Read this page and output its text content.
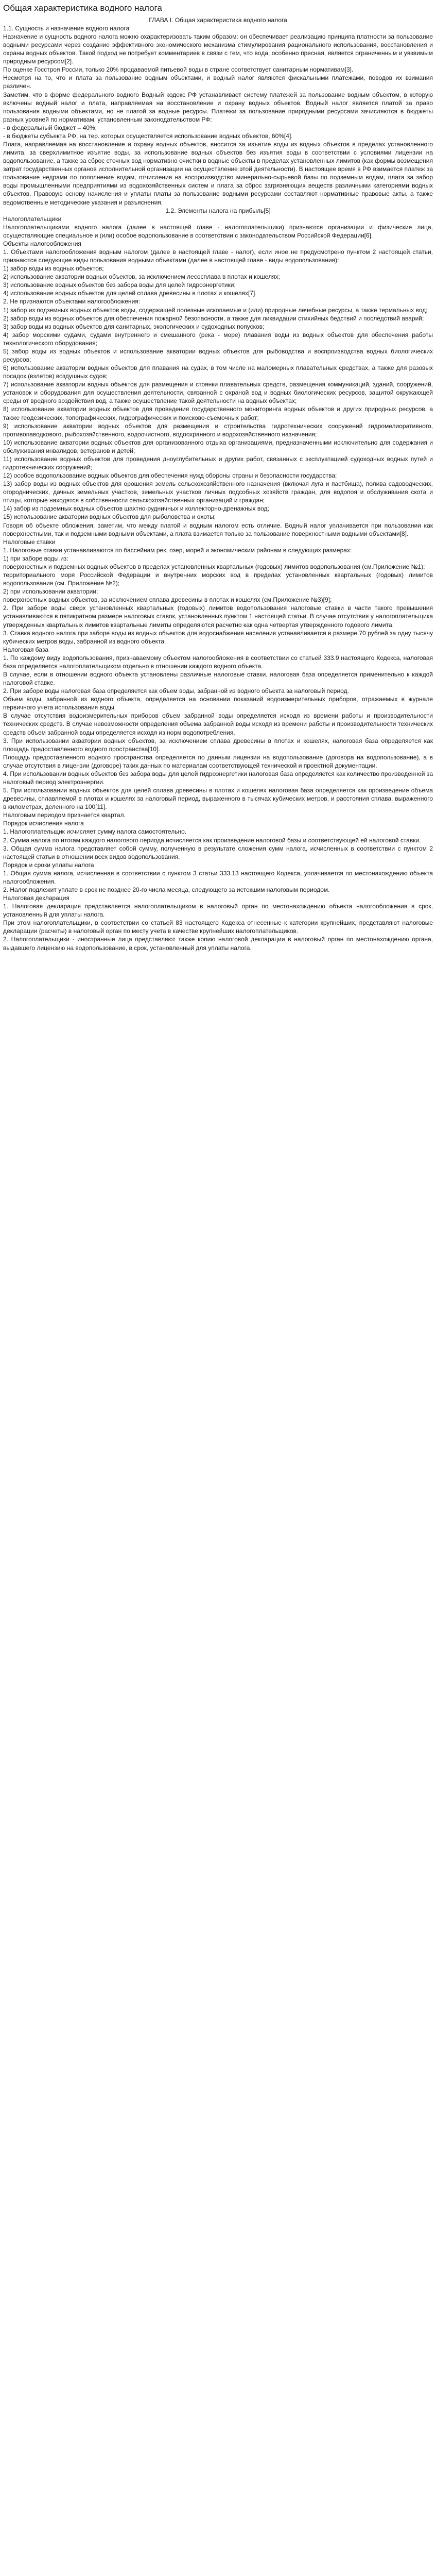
Общая характеристика водного налога

ГЛАВА I. Общая характеристика водного налога

1.1. Сущность и назначение водного налога

Назначение и сущность водного налога можно охарактеризовать таким образом: он обеспечивает реализацию принципа платности за пользование водными ресурсами через создание эффективного экономического механизма стимулирования рационального использования, восстановления и охраны водных объектов. Такой подход не потребует комментариев в связи с тем, что вода, особенно пресная, является ограниченным и уязвимым природным ресурсом[2].

По оценке Госстроя России, только 20% продаваемой питьевой воды в стране соответствует санитарным нормативам[3].

Несмотря на то, что и плата за пользование водным объектами, и водный налог являются фискальными платежами, поводов их взимания различен.

Заметим, что в форме федерального водного Водный кодекс РФ устанавливает систему платежей за пользование водным объектом, в которую включены водный налог и плата, направляемая на восстановление и охрану водных объектов. Водный налог является платой за право пользования водными объектами, но не платой за водные ресурсы. Платежи за пользование природными ресурсами зачисляются в бюджеты разных уровней по нормативам, установленным законодательством РФ:

- в федеральный бюджет – 40%;

- в бюджеты субъекта РФ, на тер. которых осуществляется использование водных объектов, 60%[4].

Плата, направляемая на восстановление и охрану водных объектов, вносится за изъятие воды из водных объектов в пределах установленного лимита, за сверхлимитное изъятие воды, за использование водных объектов без изъятия воды в соответствии с условиями лицензии на водопользование, а также за сброс сточных вод нормативно очистки в водные объекты в пределах установленных лимитов (как формы возмещения затрат государственных органов исполнительной организации на осуществление этой деятельности). В настоящее время в РФ взимается платеж за пользование недрами по пополнение водам, отчисления на воспроизводство минерально-сырьевой базы по подземным водам, плата за забор воды промышленными предприятиями из водохозяйственных систем и плата за сброс загрязняющих веществ различными категориями водных объектов. Правовую основу начисления и уплаты платы за пользование водными ресурсами составляют нормативные правовые акты, а также ведомственные методические указания и разъяснения.

1.2. Элементы налога на прибыль[5]

Налогоплательщики

Налогоплательщиками водного налога (далее в настоящей главе - налогоплательщики) признаются организации и физические лица, осуществляющие специальное и (или) особое водопользование в соответствии с законодательством Российской Федерации[6].

Объекты налогообложения

1. Объектами налогообложения водным налогом (далее в настоящей главе - налог), если иное не предусмотрено пунктом 2 настоящей статьи, признаются следующие виды пользования водными объектами (далее в настоящей главе - виды водопользования):

1) забор воды из водных объектов;

2) использование акватории водных объектов, за исключением лесосплава в плотах и кошелях;

3) использование водных объектов без забора воды для целей гидроэнергетики;

4) использование водных объектов для целей сплава древесины в плотах и кошелях[7].

2. Не признаются объектами налогообложения:

1) забор из подземных водных объектов воды, содержащей полезные ископаемые и (или) природные лечебные ресурсы, а также термальных вод;

2) забор воды из водных объектов для обеспечения пожарной безопасности, а также для ликвидации стихийных бедствий и последствий аварий;

3) забор воды из водных объектов для санитарных, экологических и судоходных попусков;

4) забор морскими судами, судами внутреннего и смешанного (река - море) плавания воды из водных объектов для обеспечения работы технологического оборудования;

5) забор воды из водных объектов и использование акватории водных объектов для рыбоводства и воспроизводства водных биологических ресурсов;

6) использование акватории водных объектов для плавания на судах, в том числе на маломерных плавательных средствах, а также для разовых посадок (взлетов) воздушных судов;

7) использование акватории водных объектов для размещения и стоянки плавательных средств, размещения коммуникаций, зданий, сооружений, установок и оборудования для осуществления деятельности, связанной с охраной вод и водных биологических ресурсов, защитой окружающей среды от вредного воздействия вод, а также осуществление такой деятельности на водных объектах;

8) использование акватории водных объектов для проведения государственного мониторинга водных объектов и других природных ресурсов, а также геодезических, топографических, гидрографических и поисково-съемочных работ;

9) использование акватории водных объектов для размещения и строительства гидротехнических сооружений гидромелиоративного, противопаводкового, рыбохозяйственного, водоочистного, водоохранного и водохозяйственного назначения;

10) использование акватории водных объектов для организованного отдыха организациями, предназначенными исключительно для содержания и обслуживания инвалидов, ветеранов и детей;

11) использование водных объектов для проведения дноуглубительных и других работ, связанных с эксплуатацией судоходных водных путей и гидротехнических сооружений;

12) особое водопользование водных объектов для обеспечения нужд обороны страны и безопасности государства;

13) забор воды из водных объектов для орошения земель сельскохозяйственного назначения (включая луга и пастбища), полива садоводческих, огороднических, дачных земельных участков, земельных участков личных подсобных хозяйств граждан, для водопоя и обслуживания скота и птицы, которые находятся в собственности сельскохозяйственных организаций и граждан;

14) забор из подземных водных объектов шахтно-рудничных и коллекторно-дренажных вод;

15) использование акватории водных объектов для рыболовства и охоты;

Говоря об объекте обложения, заметим, что между платой и водным налогом есть отличие. Водный налог уплачивается при пользовании как поверхностными, так и подземными водными объектами, а плата взимается только за пользование поверхностными водными объектами[8].

Налоговые ставки

1. Налоговые ставки устанавливаются по бассейнам рек, озер, морей и экономическим районам в следующих размерах:

1) при заборе воды из:

поверхностных и подземных водных объектов в пределах установленных квартальных (годовых) лимитов водопользования (см.Приложение №1);

территориального моря Российской Федерации и внутренних морских вод в пределах установленных квартальных (годовых) лимитов водопользования (см. Приложение №2);

2) при использовании акватории:

поверхностных водных объектов, за исключением сплава древесины в плотах и кошелях (см.Приложение №3)[9];

2. При заборе воды сверх установленных квартальных (годовых) лимитов водопользования налоговые ставки в части такого превышения устанавливаются в пятикратном размере налоговых ставок, установленных пунктом 1 настоящей статьи. В случае отсутствия у налогоплательщика утвержденных квартальных лимитов квартальные лимиты определяются расчетно как одна четвертая утвержденного годового лимита.

3. Ставка водного налога при заборе воды из водных объектов для водоснабжения населения устанавливается в размере 70 рублей за одну тысячу кубических метров воды, забранной из водного объекта.

Налоговая база

1. По каждому виду водопользования, признаваемому объектом налогообложения в соответствии со статьей 333.9 настоящего Кодекса, налоговая база определяется налогоплательщиком отдельно в отношении каждого водного объекта.

В случае, если в отношении водного объекта установлены различные налоговые ставки, налоговая база определяется применительно к каждой налоговой ставке.

2. При заборе воды налоговая база определяется как объем воды, забранной из водного объекта за налоговый период.

Объем воды, забранной из водного объекта, определяется на основании показаний водоизмерительных приборов, отражаемых в журнале первичного учета использования воды.

В случае отсутствия водоизмерительных приборов объем забранной воды определяется исходя из времени работы и производительности технических средств. В случае невозможности определения объема забранной воды исходя из времени работы и производительности технических средств объем забранной воды определяется исходя из норм водопотребления.

3. При использовании акватории водных объектов, за исключением сплава древесины в плотах и кошелях, налоговая база определяется как площадь предоставленного водного пространства[10].

Площадь предоставленного водного пространства определяется по данным лицензии на водопользование (договора на водопользование), а в случае отсутствия в лицензии (договоре) таких данных по материалам соответствующей технической и проектной документации.

4. При использовании водных объектов без забора воды для целей гидроэнергетики налоговая база определяется как количество произведенной за налоговый период электроэнергии.

5. При использовании водных объектов для целей сплава древесины в плотах и кошелях налоговая база определяется как произведение объема древесины, сплавляемой в плотах и кошелях за налоговый период, выраженного в тысячах кубических метров, и расстояния сплава, выраженного в километрах, деленного на 100[11].

Налоговым периодом признается квартал.

Порядок исчисления налога

1. Налогоплательщик исчисляет сумму налога самостоятельно.

2. Сумма налога по итогам каждого налогового периода исчисляется как произведение налоговой базы и соответствующей ей налоговой ставки.

3. Общая сумма налога представляет собой сумму, полученную в результате сложения сумм налога, исчисленных в соответствии с пунктом 2 настоящей статьи в отношении всех видов водопользования.

Порядок и сроки уплаты налога

1. Общая сумма налога, исчисленная в соответствии с пунктом 3 статьи 333.13 настоящего Кодекса, уплачивается по местонахождению объекта налогообложения.

2. Налог подлежит уплате в срок не позднее 20-го числа месяца, следующего за истекшим налоговым периодом.

Налоговая декларация

1. Налоговая декларация представляется налогоплательщиком в налоговый орган по местонахождению объекта налогообложения в срок, установленный для уплаты налога.

При этом налогоплательщики, в соответствии со статьей 83 настоящего Кодекса отнесенные к категории крупнейших, представляют налоговые декларации (расчеты) в налоговый орган по месту учета в качестве крупнейших налогоплательщиков.

2. Налогоплательщики - иностранные лица представляют также копию налоговой декларации в налоговый орган по местонахождению органа, выдавшего лицензию на водопользование, в срок, установленный для уплаты налога.
